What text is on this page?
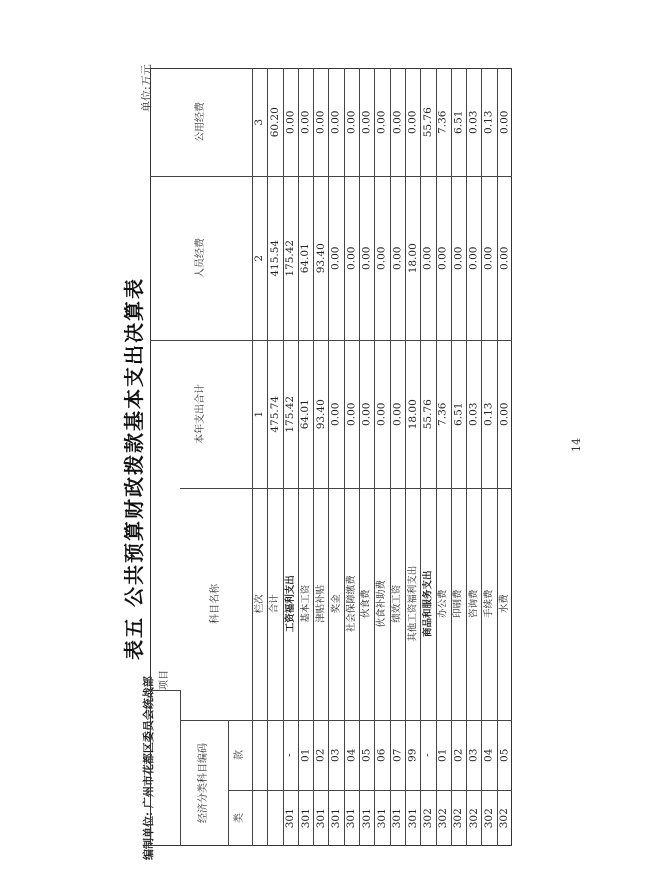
表五 公共预算财政拨款基本支出决算表
单位:万元
编制单位: 广州市花都区委员会统战部
14
项目
经济分类科目编码	类
款
科目名称
本年支出合计
人员经费
公用经费
栏次
1
2
3
合计
475.74
415.54
60.20
301
-
工资福利支出
175.42
175.42
0.00
301
01
基本工资
64.01
64.01
0.00
301
02
津贴补贴
93.40
93.40
0.00
301
03
奖金
0.00
0.00
0.00
301
04
社会保障缴费
0.00
0.00
0.00
301
05
伙食费
0.00
0.00
0.00
301
06
伙食补助费
0.00
0.00
0.00
301
07
绩效工资
0.00
0.00
0.00
301
99
其他工资福利支出
18.00
18.00
0.00
302
-
商品和服务支出
55.76
0.00
55.76
302
01
办公费
7.36
0.00
7.36
302
02
印刷费
6.51
0.00
6.51
302
03
咨询费
0.03
0.00
0.03
302
04
手续费
0.13
0.00
0.13
302
05
水费
0.00
0.00
0.00
